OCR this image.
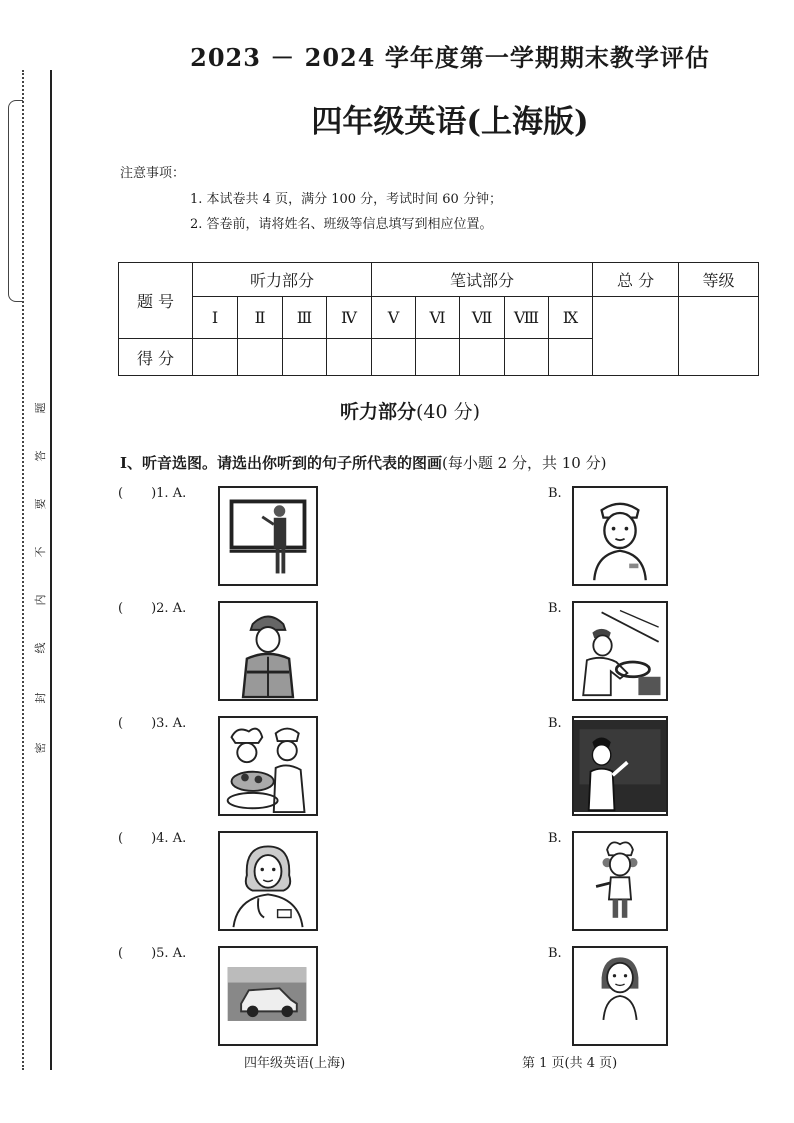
题
答
要
不
内
线
封
密
2023 － 2024 学年度第一学期期末教学评估
四年级英语(上海版)
注意事项：
1. 本试卷共 4 页，满分 100 分，考试时间 60 分钟；
2. 答卷前，请将姓名、班级等信息填写到相应位置。
题 号	听力部分				笔试部分					总 分	等级
	Ⅰ	Ⅱ	Ⅲ	Ⅳ	Ⅴ	Ⅵ	Ⅶ	Ⅷ	Ⅸ		
得 分											
听力部分(40 分)
Ⅰ、听音选图。请选出你听到的句子所代表的图画(每小题 2 分，共 10 分)
( )1. A.	B.
( )2. A.	B.
( )3. A.	B.
( )4. A.	B.
( )5. A.	B.
四年级英语(上海)	第 1 页(共 4 页)
